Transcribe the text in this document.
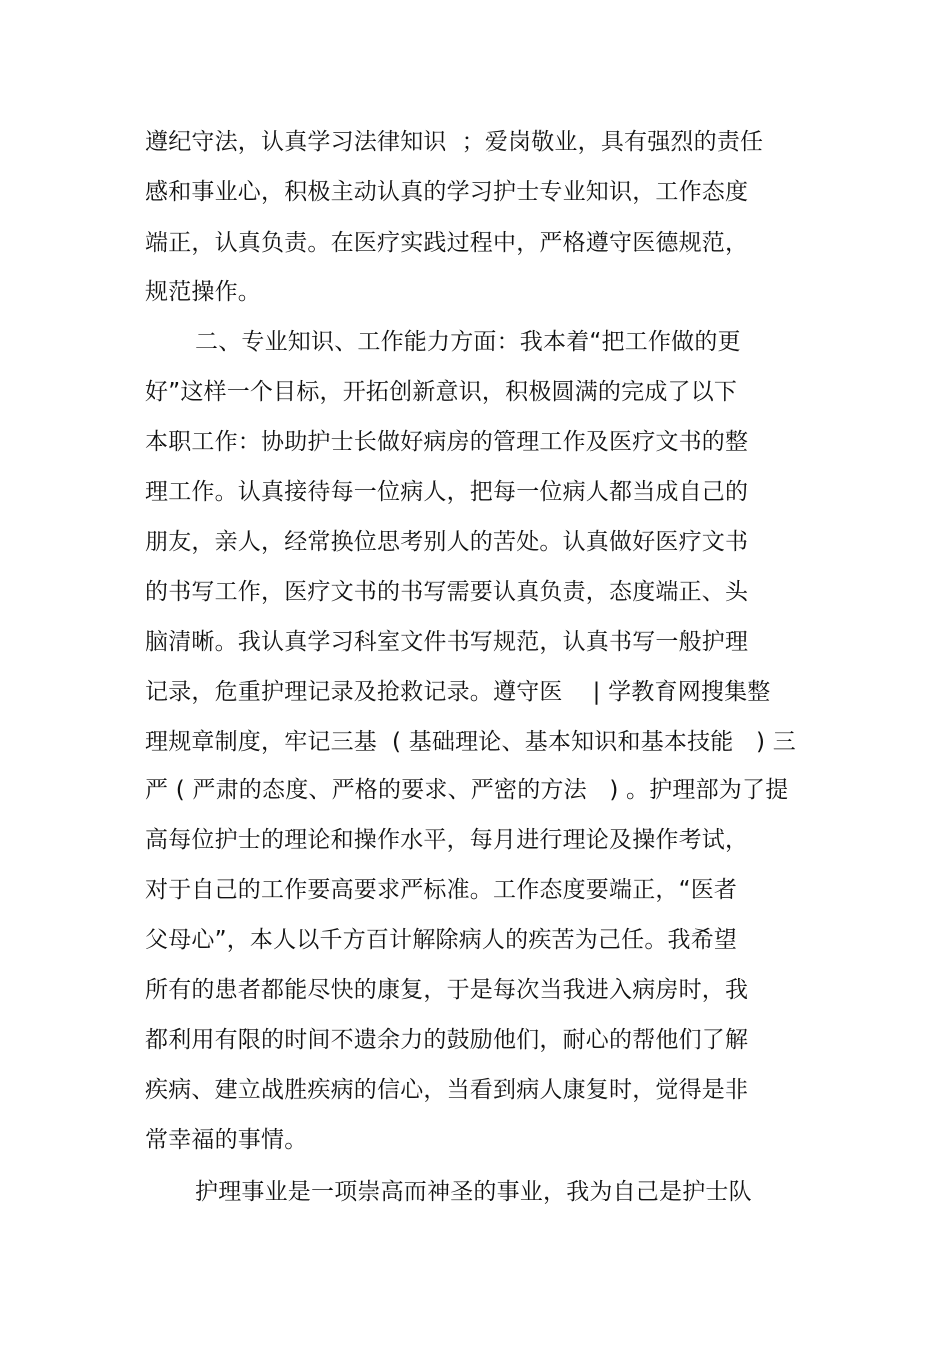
遵纪守法，认真学习法律知识  ；爱岗敬业，具有强烈的责任
感和事业心，积极主动认真的学习护士专业知识，工作态度
端正，认真负责。在医疗实践过程中，严格遵守医德规范，
规范操作。
二、专业知识、工作能力方面：我本着“把工作做的更
好”这样一个目标，开拓创新意识，积极圆满的完成了以下
本职工作：协助护士长做好病房的管理工作及医疗文书的整
理工作。认真接待每一位病人，把每一位病人都当成自己的
朋友，亲人，经常换位思考别人的苦处。认真做好医疗文书
的书写工作，医疗文书的书写需要认真负责，态度端正、头
脑清晰。我认真学习科室文件书写规范，认真书写一般护理
记录，危重护理记录及抢救记录。遵守医    | 学教育网搜集整
理规章制度，牢记三基  ( 基础理论、基本知识和基本技能   ) 三
严 ( 严肃的态度、严格的要求、严密的方法   ) 。护理部为了提
高每位护士的理论和操作水平，每月进行理论及操作考试，
对于自己的工作要高要求严标准。工作态度要端正，“医者
父母心”，本人以千方百计解除病人的疾苦为己任。我希望
所有的患者都能尽快的康复，于是每次当我进入病房时，我
都利用有限的时间不遗余力的鼓励他们，耐心的帮他们了解
疾病、建立战胜疾病的信心，当看到病人康复时，觉得是非
常幸福的事情。
护理事业是一项崇高而神圣的事业，我为自己是护士队
